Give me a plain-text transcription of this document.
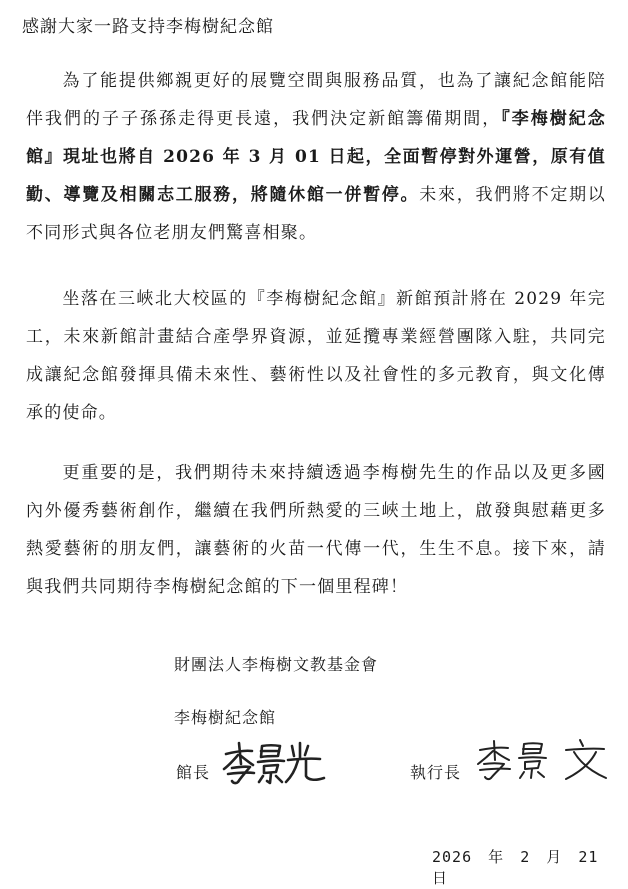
感謝大家一路支持李梅樹紀念館

為了能提供鄉親更好的展覽空間與服務品質，也為了讓紀念館能陪伴我們的子子孫孫走得更長遠，我們決定新館籌備期間，『李梅樹紀念館』現址也將自 2026 年 3 月 01 日起，全面暫停對外運營，原有值勤、導覽及相關志工服務，將隨休館一併暫停。未來，我們將不定期以不同形式與各位老朋友們驚喜相聚。

坐落在三峽北大校區的『李梅樹紀念館』新館預計將在 2029 年完工，未來新館計畫結合產學界資源，並延攬專業經營團隊入駐，共同完成讓紀念館發揮具備未來性、藝術性以及社會性的多元教育，與文化傳承的使命。

更重要的是，我們期待未來持續透過李梅樹先生的作品以及更多國內外優秀藝術創作，繼續在我們所熱愛的三峽土地上，啟發與慰藉更多熱愛藝術的朋友們，讓藝術的火苗一代傳一代，生生不息。接下來，請與我們共同期待李梅樹紀念館的下一個里程碑！

財團法人李梅樹文教基金會
李梅樹紀念館
館長	執行長
2026 年 2 月 21 日
